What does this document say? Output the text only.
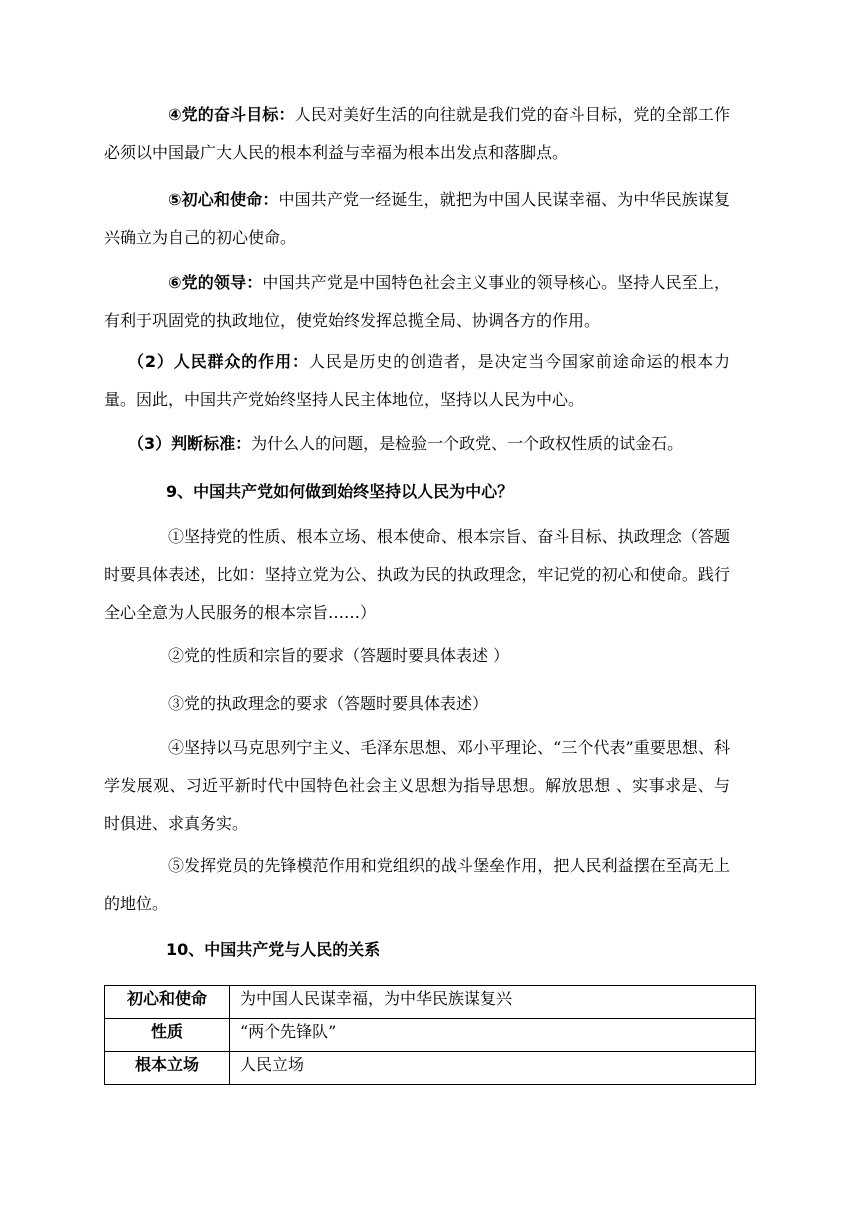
④党的奋斗目标：人民对美好生活的向往就是我们党的奋斗目标，党的全部工作必须以中国最广大人民的根本利益与幸福为根本出发点和落脚点。

⑤初心和使命：中国共产党一经诞生，就把为中国人民谋幸福、为中华民族谋复兴确立为自己的初心使命。

⑥党的领导：中国共产党是中国特色社会主义事业的领导核心。坚持人民至上，有利于巩固党的执政地位，使党始终发挥总揽全局、协调各方的作用。

（2）人民群众的作用：人民是历史的创造者，是决定当今国家前途命运的根本力量。因此，中国共产党始终坚持人民主体地位，坚持以人民为中心。

（3）判断标准：为什么人的问题，是检验一个政党、一个政权性质的试金石。

9、中国共产党如何做到始终坚持以人民为中心？

①坚持党的性质、根本立场、根本使命、根本宗旨、奋斗目标、执政理念（答题时要具体表述，比如：坚持立党为公、执政为民的执政理念，牢记党的初心和使命。践行全心全意为人民服务的根本宗旨……）

②党的性质和宗旨的要求（答题时要具体表述 ）

③党的执政理念的要求（答题时要具体表述）

④坚持以马克思列宁主义、毛泽东思想、邓小平理论、“三个代表”重要思想、科学发展观、习近平新时代中国特色社会主义思想为指导思想。解放思想 、实事求是、与时俱进、求真务实。

⑤发挥党员的先锋模范作用和党组织的战斗堡垒作用，把人民利益摆在至高无上的地位。

10、中国共产党与人民的关系

初心和使命	为中国人民谋幸福，为中华民族谋复兴
性质	“两个先锋队”
根本立场	人民立场
